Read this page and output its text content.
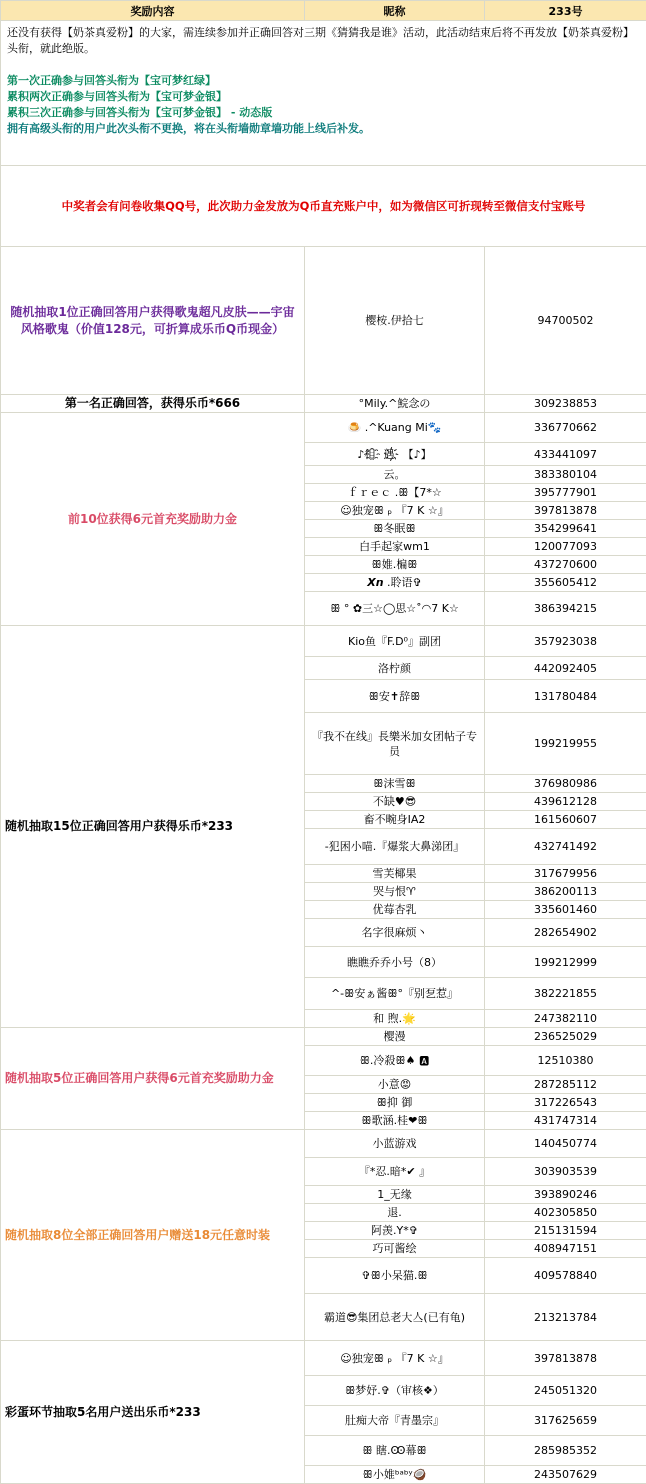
奖励内容	昵称	233号

还没有获得【奶茶真爱粉】的大家，需连续参加并正确回答对三期《猜猜我是谁》活动，此活动结束后将不再发放【奶茶真爱粉】头衔，就此绝版。

第一次正确参与回答头衔为【宝可梦红绿】

累积两次正确参与回答头衔为【宝可梦金银】

累积三次正确参与回答头衔为【宝可梦金银】 - 动态版

拥有高级头衔的用户此次头衔不更换，将在头衔墙勋章墙功能上线后补发。		

中奖者会有问卷收集QQ号，此次助力金发放为Q币直充账户中，如为微信区可折现转至微信支付宝账号		
随机抽取1位正确回答用户获得歌鬼超凡皮肤——宇宙风格歌鬼（价值128元，可折算成乐币Q币现金）	樱桉.伊拾七	94700502
第一名正确回答，获得乐币*666	°Mily.^鯇念の	309238853
前10位获得6元首充奖励助力金	🍮 .^Kuang Mi🐾	336770662
	♪相҈ 遇҉ 【♪】	433441097
	云。	383380104
	ｆｒｅｃ .ꕥ【7*☆	395777901
	☺独宠ꕥ ₚ 『7 K ☆』	397813878
	ꕥ冬眠ꕥ	354299641
	白手起家wm1	120077093
	ꕥ婎.楄ꕥ	437270600
	𝙓𝙣 .聆语✞	355605412
	ꕥ ° ✿三☆◯思☆˚◠7 K☆	386394215
随机抽取15位正确回答用户获得乐币*233	Kio鱼『F.D⁰』副团	357923038
	洛柠颜	442092405
	ꕥ安✝辞ꕥ	131780484
	『我不在线』長樂米加女团帖子专员	199219955
	ꕥ沫雪ꕥ	376980986
	不缺♥😎	439612128
	畜不畹身IA2	161560607
	-犯困小喵.『爆浆大鼻涕团』	432741492
	雪芙椰果	317679956
	哭与恨♈	386200113
	优莓杏乳	335601460
	名字很麻烦丶	282654902
	瞧瞧乔乔小号（8）	199212999
	^-ꕥ安ぁ酱ꕥ°『别乭惹』	382221855
	和 煦.🌟	247382110
随机抽取5位正确回答用户获得6元首充奖励助力金	樱漫	236525029
	ꕥ.冷殺ꕥ♠ 🅰	12510380
	小意😡	287285112
	ꕥ抑 御	317226543
	ꕥ歌涵.桂❤ꕥ	431747314
随机抽取8位全部正确回答用户赠送18元任意时装	小蓝游戏	140450774
	『*忍.暗*✔ 』	303903539
	1_无缘	393890246
	退.	402305850
	阿羡.Y*✞	215131594
	巧可酱绘	408947151
	✞ꕥ小呆猫.ꕥ	409578840
	霸道😎集团总老大亼(已有龟)	213213784
彩蛋环节抽取5名用户送出乐币*233	☺独宠ꕥ ₚ 『7 K ☆』	397813878
	ꕥ梦妤.✞（审核❖）	245051320
	肚痴大帝『青墨宗』	317625659
	ꕥ 瞎.Ꙭ幕ꕥ	285985352
	ꕥ小婎ᵇᵃᵇʸ🥥	243507629
